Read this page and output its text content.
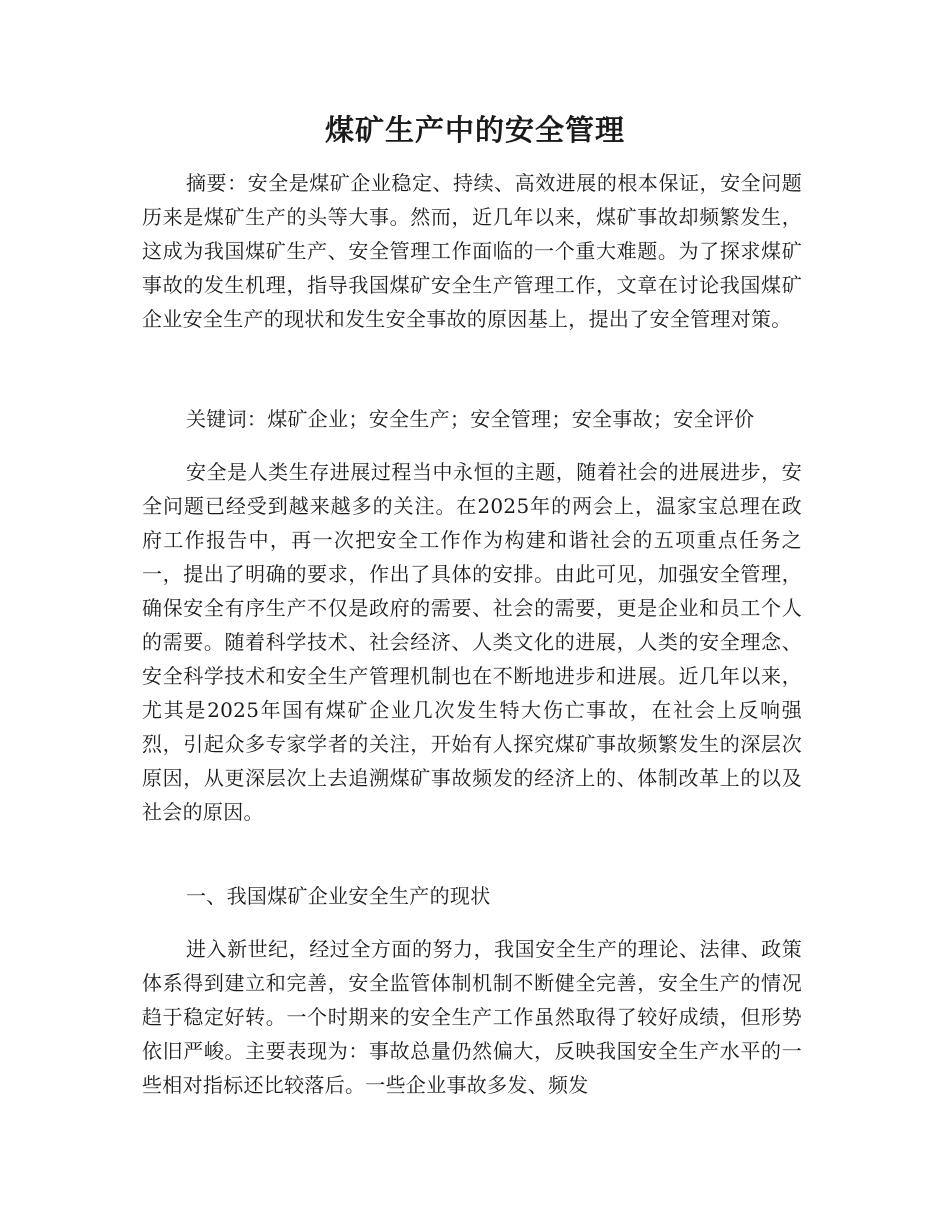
煤矿生产中的安全管理

摘要：安全是煤矿企业稳定、持续、高效进展的根本保证，安全问题历来是煤矿生产的头等大事。然而，近几年以来，煤矿事故却频繁发生，这成为我国煤矿生产、安全管理工作面临的一个重大难题。为了探求煤矿事故的发生机理，指导我国煤矿安全生产管理工作，文章在讨论我国煤矿企业安全生产的现状和发生安全事故的原因基上，提出了安全管理对策。

关键词：煤矿企业；安全生产；安全管理；安全事故；安全评价

安全是人类生存进展过程当中永恒的主题，随着社会的进展进步，安全问题已经受到越来越多的关注。在2025年的两会上，温家宝总理在政府工作报告中，再一次把安全工作作为构建和谐社会的五项重点任务之一，提出了明确的要求，作出了具体的安排。由此可见，加强安全管理，确保安全有序生产不仅是政府的需要、社会的需要，更是企业和员工个人的需要。随着科学技术、社会经济、人类文化的进展，人类的安全理念、安全科学技术和安全生产管理机制也在不断地进步和进展。近几年以来，尤其是2025年国有煤矿企业几次发生特大伤亡事故，在社会上反响强烈，引起众多专家学者的关注，开始有人探究煤矿事故频繁发生的深层次原因，从更深层次上去追溯煤矿事故频发的经济上的、体制改革上的以及社会的原因。

一、我国煤矿企业安全生产的现状

进入新世纪，经过全方面的努力，我国安全生产的理论、法律、政策体系得到建立和完善，安全监管体制机制不断健全完善，安全生产的情况趋于稳定好转。一个时期来的安全生产工作虽然取得了较好成绩，但形势依旧严峻。主要表现为：事故总量仍然偏大，反映我国安全生产水平的一些相对指标还比较落后。一些企业事故多发、频发
